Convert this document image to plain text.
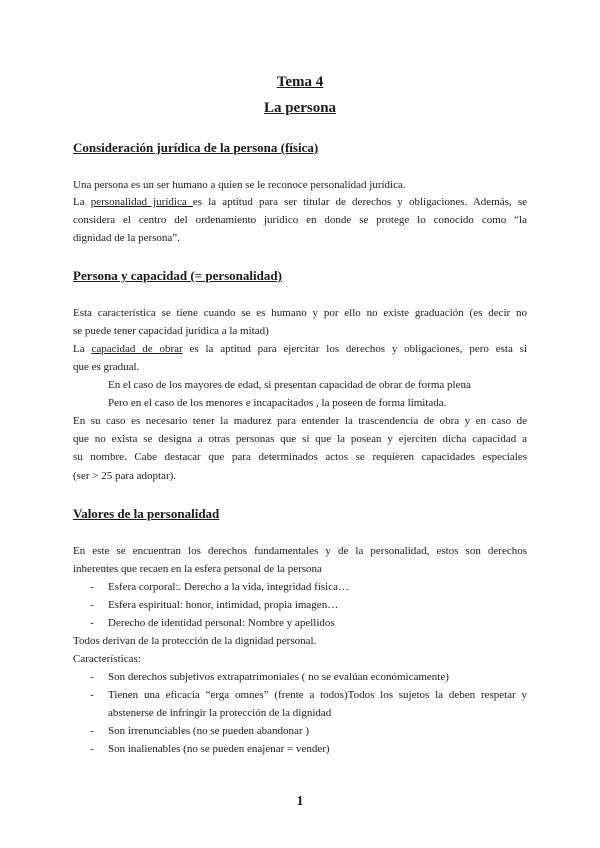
Tema 4
La persona
Consideración jurídica de la persona (física)
Una persona es un ser humano a quien se le reconoce personalidad jurídica.
La personalidad jurídica es la aptitud para ser titular de derechos y obligaciones. Además, se
considera el centro del ordenamiento jurídico en donde se protege lo conocido como “la
dignidad de la persona”.
Persona y capacidad (= personalidad)
Esta característica se tiene cuando se es humano y por ello no existe graduación (es decir no
se puede tener capacidad jurídica a la mitad)
La capacidad de obrar es la aptitud para ejercitar los derechos y obligaciones, pero esta si
que es gradual.
En el caso de los mayores de edad, si presentan capacidad de obrar de forma plena
Pero en el caso de los menores e incapacitados , la poseen de forma limitada.
En su caso es necesario tener la madurez para entender la trascendencia de obra y en caso de
que no exista se designa a otras personas que sí que la posean y ejerciten dicha capacidad a
su nombre. Cabe destacar que para determinados actos se requieren capacidades especiales
(ser > 25 para adoptar).
Valores de la personalidad
En este se encuentran los derechos fundamentales y de la personalidad, estos son derechos
inherentes que recaen en la esfera personal de la persona
- Esfera corporal:. Derecho a la vida, integridad física…
- Esfera espiritual: honor, intimidad, propia imagen…
- Derecho de identidad personal: Nombre y apellidos
Todos derivan de la protección de la dignidad personal.
Características:
- Son derechos subjetivos extrapatrimoniales ( no se evalúan económicamente)
- Tienen una eficacia “erga omnes” (frente a todos)Todos los sujetos la deben respetar y
abstenerse de infringir la protección de la dignidad
- Son irrenunciables (no se pueden abandonar )
- Son inalienables (no se pueden enajenar = vender)
1
